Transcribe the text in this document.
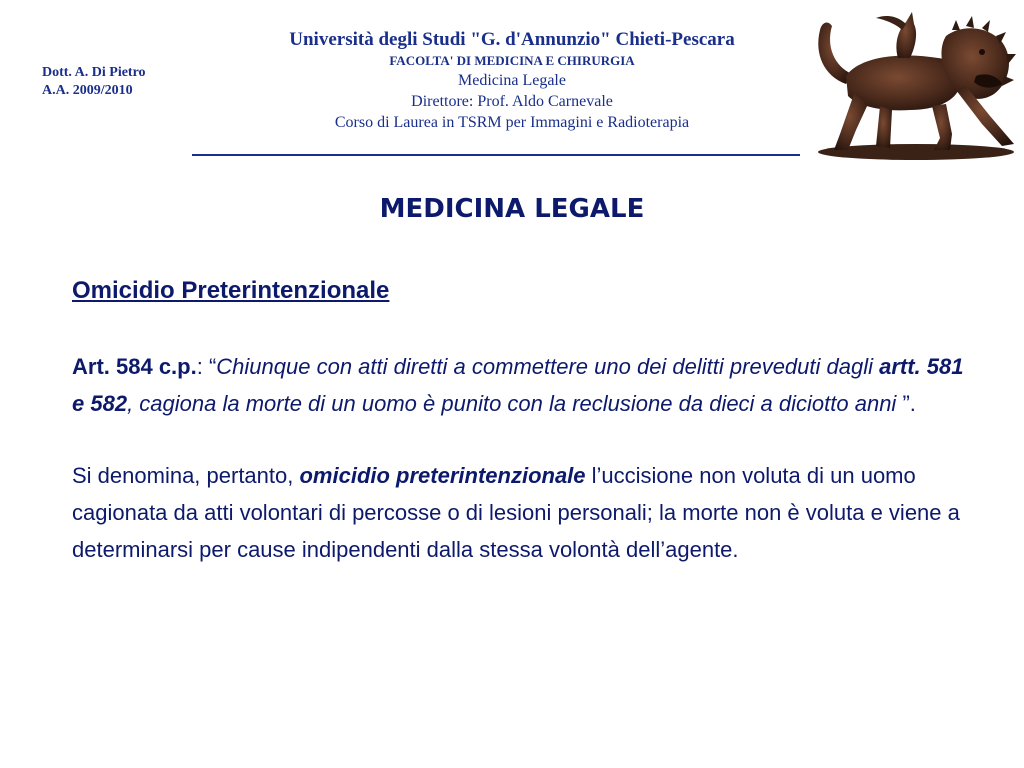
Dott. A. Di Pietro
A.A. 2009/2010
Università degli Studi "G. d'Annunzio" Chieti-Pescara
FACOLTA' DI MEDICINA E CHIRURGIA
Medicina Legale
Direttore: Prof. Aldo Carnevale
Corso di Laurea in TSRM per Immagini e Radioterapia
MEDICINA LEGALE
Omicidio Preterintenzionale
Art. 584 c.p.: “Chiunque con atti diretti a commettere uno dei delitti preveduti dagli artt. 581 e 582, cagiona la morte di un uomo è punito con la reclusione da dieci a diciotto anni ”.
Si denomina, pertanto, omicidio preterintenzionale l’uccisione non voluta di un uomo cagionata da atti volontari di percosse o di lesioni personali; la morte non è voluta e viene a determinarsi per cause indipendenti dalla stessa volontà dell’agente.
